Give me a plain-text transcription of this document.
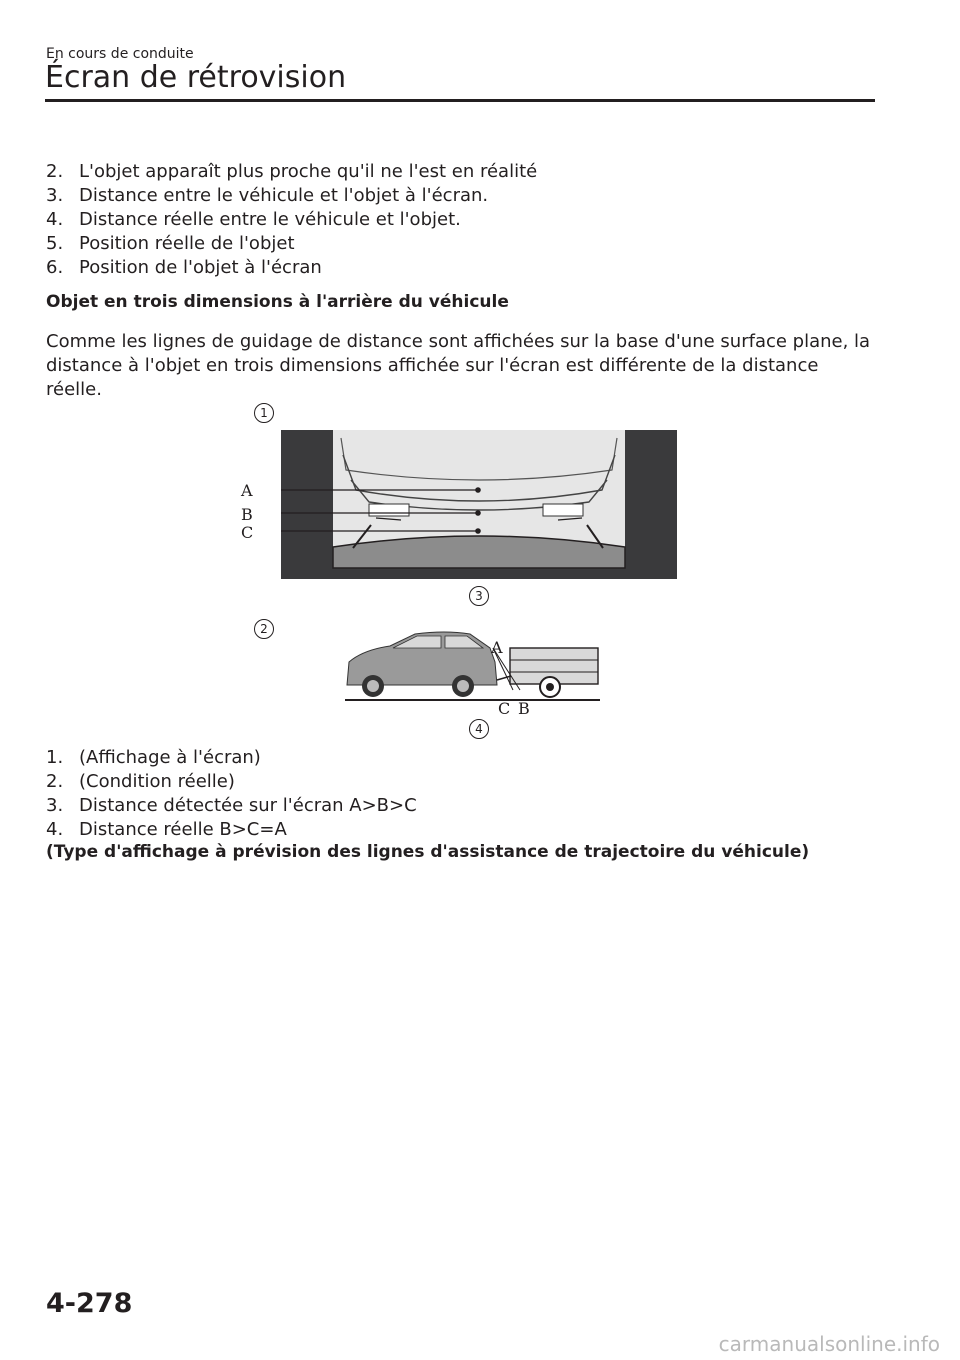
En cours de conduite
Écran de rétrovision
2. L'objet apparaît plus proche qu'il ne l'est en réalité
3. Distance entre le véhicule et l'objet à l'écran.
4. Distance réelle entre le véhicule et l'objet.
5. Position réelle de l'objet
6. Position de l'objet à l'écran
Objet en trois dimensions à l'arrière du véhicule

Comme les lignes de guidage de distance sont affichées sur la base d'une surface plane, la distance à l'objet en trois dimensions affichée sur l'écran est différente de la distance réelle.

1
A
B
C
3
2
A
C B
4
1. (Affichage à l'écran)
2. (Condition réelle)
3. Distance détectée sur l'écran A>B>C
4. Distance réelle B>C=A
(Type d'affichage à prévision des lignes d'assistance de trajectoire du véhicule)
4-278
carmanualsonline.info
